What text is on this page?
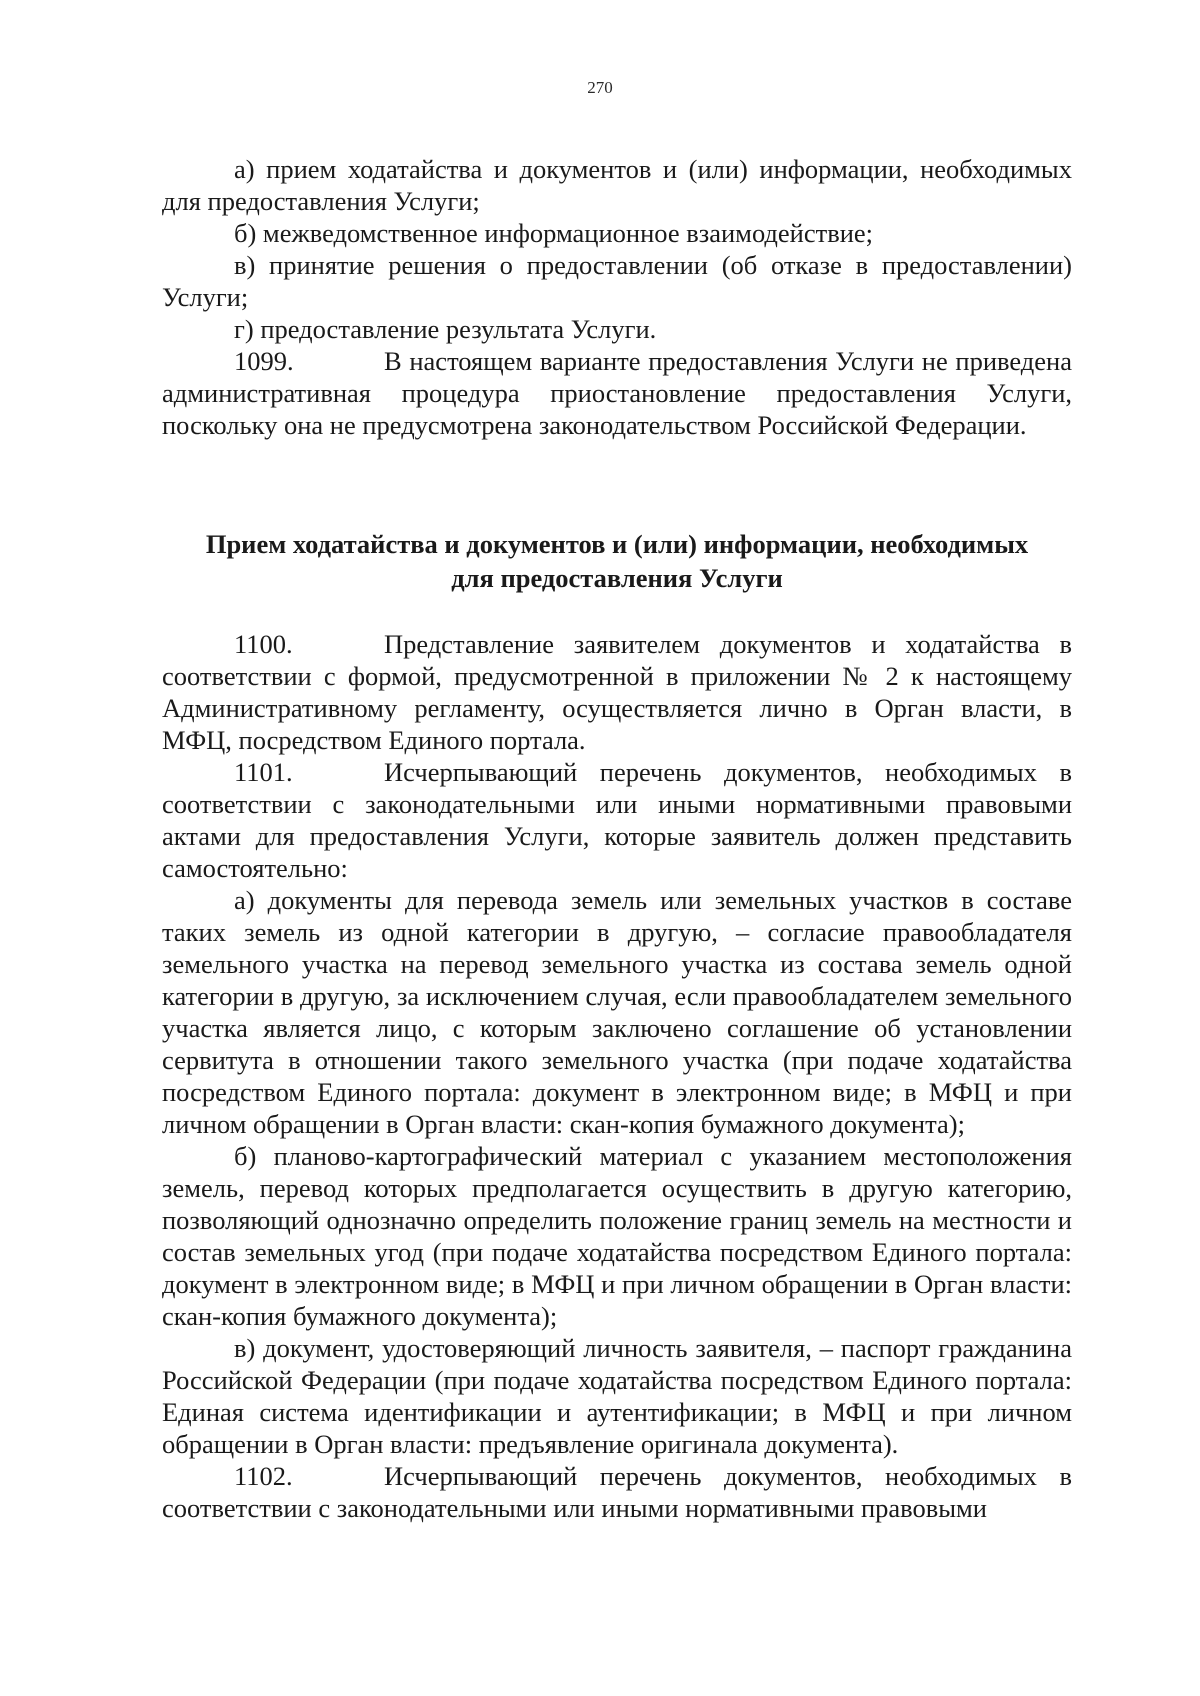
270

а) прием ходатайства и документов и (или) информации, необходимых для предоставления Услуги;

б) межведомственное информационное взаимодействие;

в) принятие решения о предоставлении (об отказе в предоставлении) Услуги;

г) предоставление результата Услуги.

1099.	В настоящем варианте предоставления Услуги не приведена административная процедура приостановление предоставления Услуги, поскольку она не предусмотрена законодательством Российской Федерации.

Прием ходатайства и документов и (или) информации, необходимых
для предоставления Услуги

1100.	Представление заявителем документов и ходатайства в соответствии с формой, предусмотренной в приложении № 2 к настоящему Административному регламенту, осуществляется лично в Орган власти, в МФЦ, посредством Единого портала.

1101.	Исчерпывающий перечень документов, необходимых в соответствии с законодательными или иными нормативными правовыми актами для предоставления Услуги, которые заявитель должен представить самостоятельно:

а) документы для перевода земель или земельных участков в составе таких земель из одной категории в другую, – согласие правообладателя земельного участка на перевод земельного участка из состава земель одной категории в другую, за исключением случая, если правообладателем земельного участка является лицо, с которым заключено соглашение об установлении сервитута в отношении такого земельного участка (при подаче ходатайства посредством Единого портала: документ в электронном виде; в МФЦ и при личном обращении в Орган власти: скан-копия бумажного документа);

б) планово-картографический материал с указанием местоположения земель, перевод которых предполагается осуществить в другую категорию, позволяющий однозначно определить положение границ земель на местности и состав земельных угод (при подаче ходатайства посредством Единого портала: документ в электронном виде; в МФЦ и при личном обращении в Орган власти: скан-копия бумажного документа);

в) документ, удостоверяющий личность заявителя, – паспорт гражданина Российской Федерации (при подаче ходатайства посредством Единого портала: Единая система идентификации и аутентификации; в МФЦ и при личном обращении в Орган власти: предъявление оригинала документа).

1102.	Исчерпывающий перечень документов, необходимых в соответствии с законодательными или иными нормативными правовыми
